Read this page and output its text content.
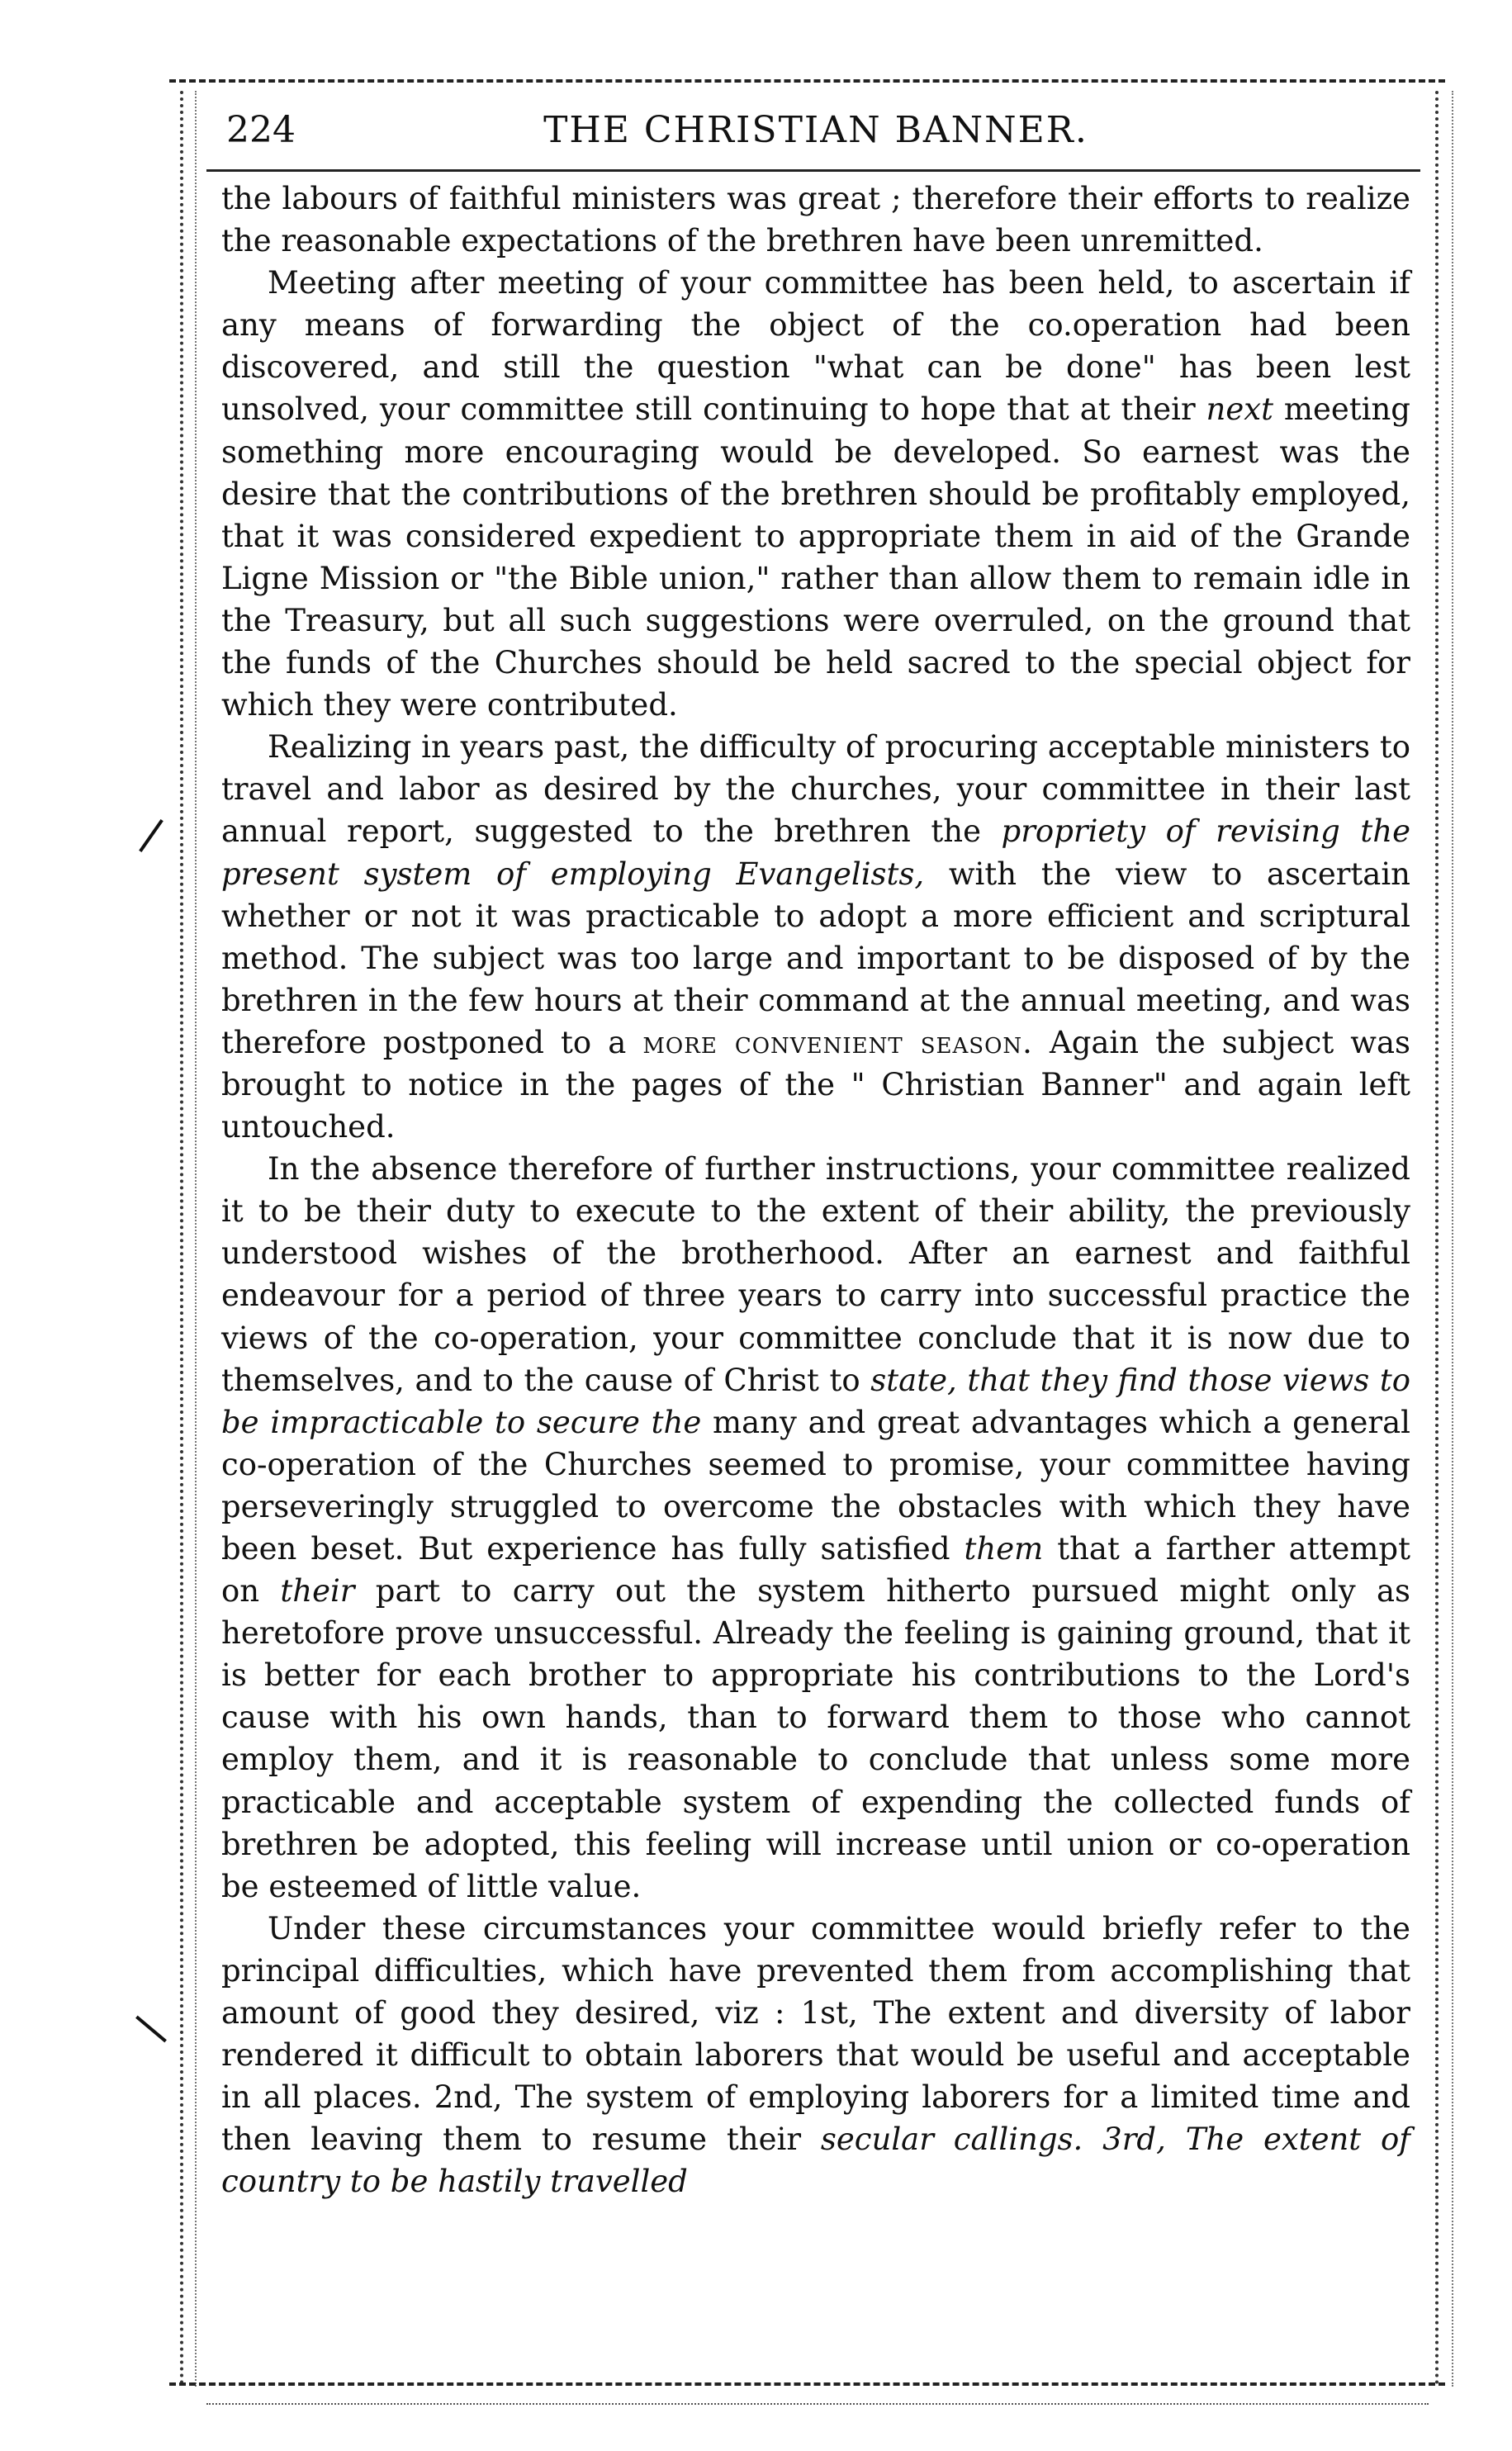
224	THE CHRISTIAN BANNER.

the labours of faithful ministers was great ; therefore their efforts to realize the reasonable expectations of the brethren have been unremitted.

Meeting after meeting of your committee has been held, to ascertain if any means of forwarding the object of the co.operation had been discovered, and still the question "what can be done" has been lest unsolved, your committee still continuing to hope that at their next meeting something more encouraging would be developed. So earnest was the desire that the contributions of the brethren should be profitably employed, that it was considered expedient to appropriate them in aid of the Grande Ligne Mission or "the Bible union," rather than allow them to remain idle in the Treasury, but all such suggestions were overruled, on the ground that the funds of the Churches should be held sacred to the special object for which they were contributed.

Realizing in years past, the difficulty of procuring acceptable ministers to travel and labor as desired by the churches, your committee in their last annual report, suggested to the brethren the propriety of revising the present system of employing Evangelists, with the view to ascertain whether or not it was practicable to adopt a more efficient and scriptural method. The subject was too large and important to be disposed of by the brethren in the few hours at their command at the annual meeting, and was therefore postponed to a more convenient season. Again the subject was brought to notice in the pages of the " Christian Banner" and again left untouched.

In the absence therefore of further instructions, your committee realized it to be their duty to execute to the extent of their ability, the previously understood wishes of the brotherhood. After an earnest and faithful endeavour for a period of three years to carry into successful practice the views of the co-operation, your committee conclude that it is now due to themselves, and to the cause of Christ to state, that they find those views to be impracticable to secure the many and great advantages which a general co-operation of the Churches seemed to promise, your committee having perseveringly struggled to overcome the obstacles with which they have been beset. But experience has fully satisfied them that a farther attempt on their part to carry out the system hitherto pursued might only as heretofore prove unsuccessful. Already the feeling is gaining ground, that it is better for each brother to appropriate his contributions to the Lord's cause with his own hands, than to forward them to those who cannot employ them, and it is reasonable to conclude that unless some more practicable and acceptable system of expending the collected funds of brethren be adopted, this feeling will increase until union or co-operation be esteemed of little value.

Under these circumstances your committee would briefly refer to the principal difficulties, which have prevented them from accomplishing that amount of good they desired, viz : 1st, The extent and diversity of labor rendered it difficult to obtain laborers that would be useful and acceptable in all places. 2nd, The system of employing laborers for a limited time and then leaving them to resume their secular callings. 3rd, The extent of country to be hastily travelled
